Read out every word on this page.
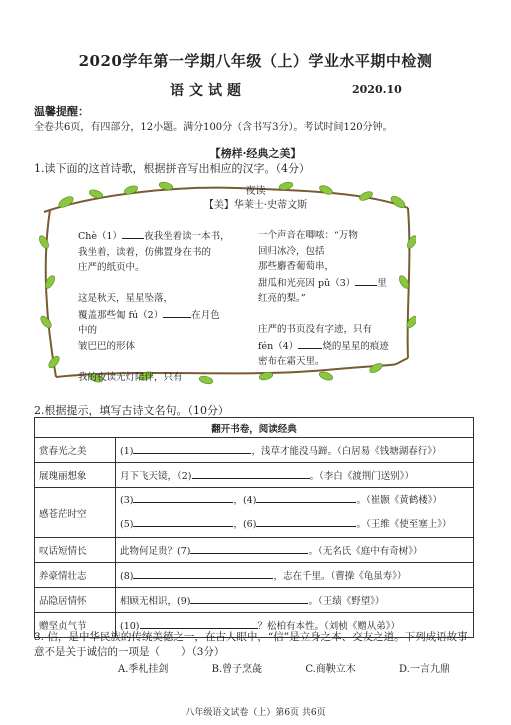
2020学年第一学期八年级（上）学业水平期中检测
语文试题	2020.10
温馨提醒：
全卷共6页，有四部分，12小题。满分100分（含书写3分）。考试时间120分钟。
【榜样·经典之美】
1.读下面的这首诗歌，根据拼音写出相应的汉字。（4分）
夜读
【美】华莱士·史蒂文斯
Chè（1） 夜我坐着读一本书，
我坐着，读着，仿佛置身在书的
庄严的纸页中。

这是秋天，星星坠落，
覆盖那些匍 fú（2）	在月色
中的
皱巴巴的形体

我的夜读无灯陪伴，只有
一个声音在唧哝：“万物
回归冰冷，包括
那些麝香葡萄串，
甜瓜和光亮因 pǔ（3） 里
红亮的梨。”

庄严的书页没有字迹，只有
fén（4）	烧的星星的痕迹
密布在霜天里。
2.根据提示，填写古诗文名句。（10分）
翻开书卷，阅读经典	
赏春光之美	(1) ，浅草才能没马蹄。（白居易《钱塘湖春行》）
展瑰丽想象	月下飞天镜，（2) 。（李白《渡荆门送别》）
感苍茫时空	(3) ，(4) 。（崔颢《黄鹤楼》）
(5) ，(6) 。（王维《使至塞上》）

叹话短情长	此物何足贵？(7) 。（无名氏《庭中有奇树》）
养豪情壮志	(8) ，志在千里。（曹操《龟虽寿》）
品隐居情怀	相顾无相识，(9) 。（王绩《野望》）
赠坚贞气节	(10) ？松柏有本性。（刘桢《赠从弟》）
3. 信，是中华民族的传统美德之一，在古人眼中，“信”是立身之本、交友之道。下列成语故事意不是关于诚信的一项是（　　）（3分）
A.季札挂剑	B.曾子烹彘	C.商鞅立木	D.一言九鼎
八年级语文试卷（上）第6页 共6页
